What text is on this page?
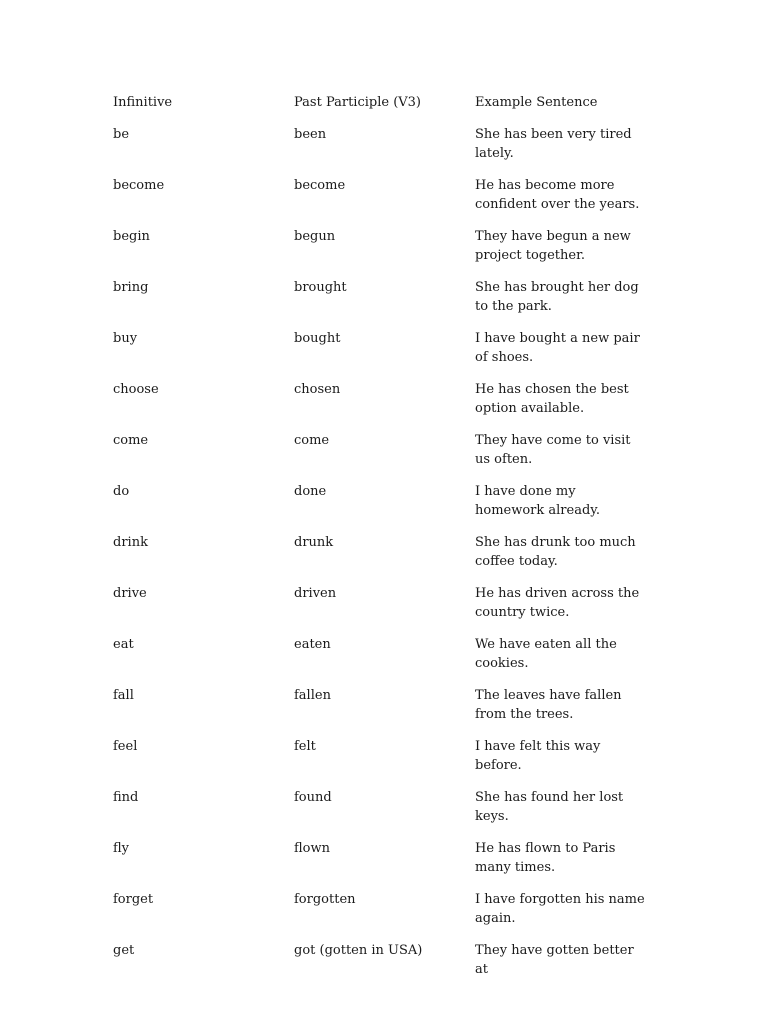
Infinitive	Past Participle (V3)	Example Sentence
be	been	She has been very tired lately.
become	become	He has become more confident over the years.
begin	begun	They have begun a new project together.
bring	brought	She has brought her dog to the park.
buy	bought	I have bought a new pair of shoes.
choose	chosen	He has chosen the best option available.
come	come	They have come to visit us often.
do	done	I have done my homework already.
drink	drunk	She has drunk too much coffee today.
drive	driven	He has driven across the country twice.
eat	eaten	We have eaten all the cookies.
fall	fallen	The leaves have fallen from the trees.
feel	felt	I have felt this way before.
find	found	She has found her lost keys.
fly	flown	He has flown to Paris many times.
forget	forgotten	I have forgotten his name again.
get	got (gotten in USA)	They have gotten better at
